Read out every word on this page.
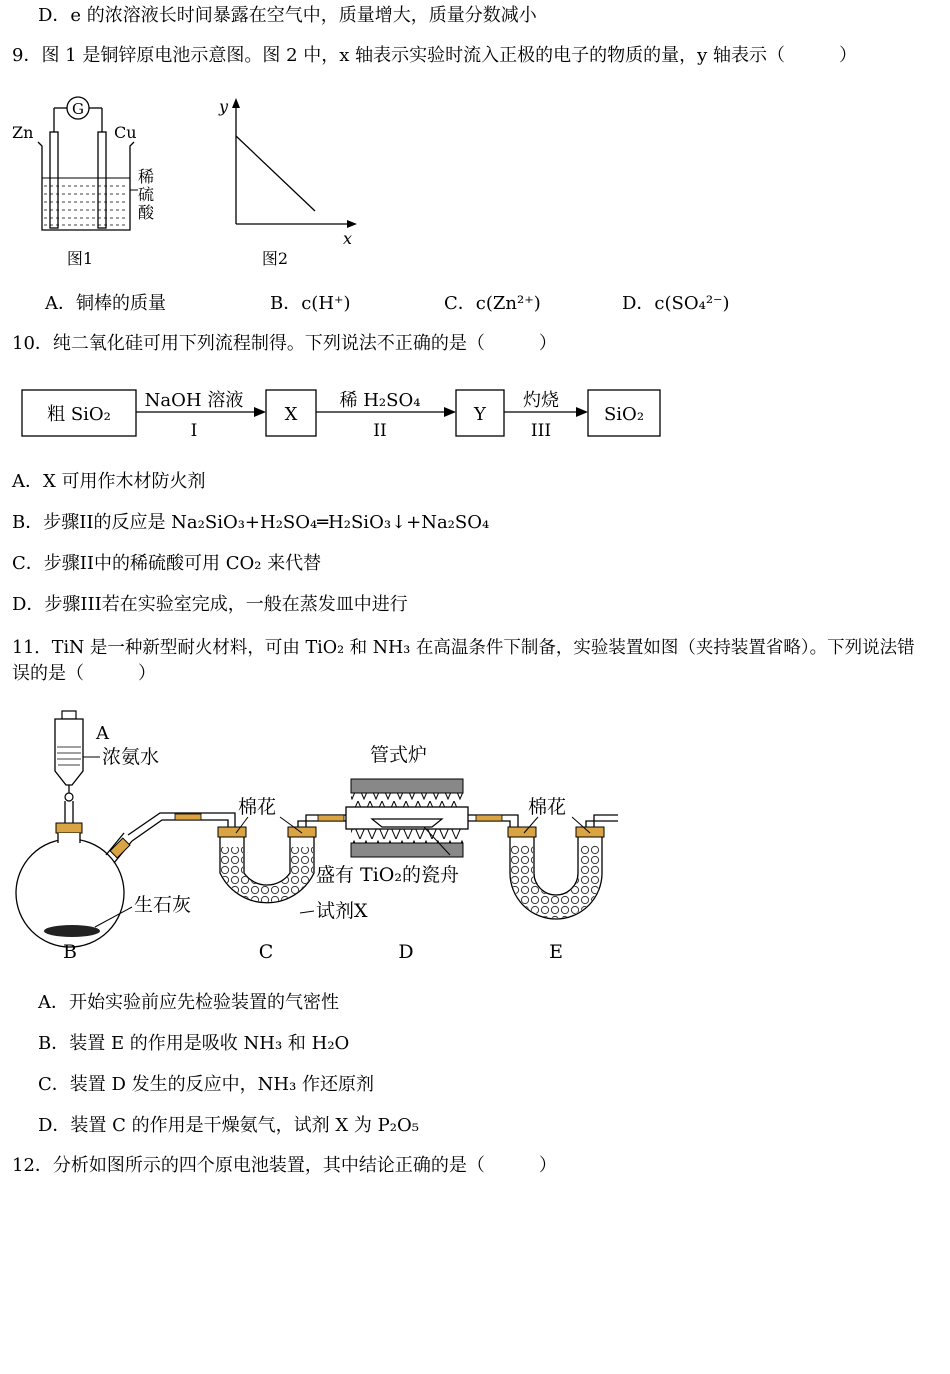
D．e 的浓溶液长时间暴露在空气中，质量增大，质量分数减小
9．图 1 是铜锌原电池示意图。图 2 中，x 轴表示实验时流入正极的电子的物质的量，y 轴表示（　　　）
G
Zn	Cu
稀
硫
酸
图1
y
x
图2
A．铜棒的质量	B．c(H⁺)	C．c(Zn²⁺)	D．c(SO₄²⁻)
10．纯二氧化硅可用下列流程制得。下列说法不正确的是（　　　）
粗 SiO₂
NaOH 溶液
I
X
稀 H₂SO₄
II
Y
灼烧
III
SiO₂
A．X 可用作木材防火剂
B．步骤II的反应是 Na₂SiO₃+H₂SO₄═H₂SiO₃↓+Na₂SO₄
C．步骤II中的稀硫酸可用 CO₂ 来代替
D．步骤III若在实验室完成，一般在蒸发皿中进行
11．TiN 是一种新型耐火材料，可由 TiO₂ 和 NH₃ 在高温条件下制备，实验装置如图（夹持装置省略）。下列说法错
误的是（　　　）
A
浓氨水
生石灰
棉花
试剂X
管式炉
盛有 TiO₂的瓷舟
棉花
B	C	D	E
A．开始实验前应先检验装置的气密性
B．装置 E 的作用是吸收 NH₃ 和 H₂O
C．装置 D 发生的反应中，NH₃ 作还原剂
D．装置 C 的作用是干燥氨气，试剂 X 为 P₂O₅
12．分析如图所示的四个原电池装置，其中结论正确的是（　　　）
